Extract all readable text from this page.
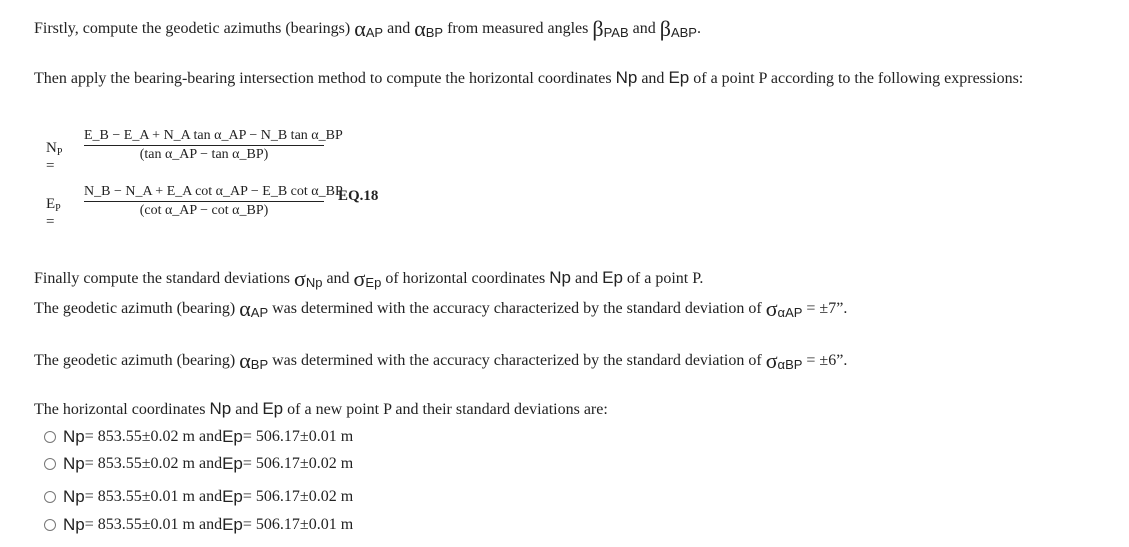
Firstly, compute the geodetic azimuths (bearings) $\alpha_{AP}$ and $\alpha_{BP}$ from measured angles $\beta_{PAB}$ and $\beta_{ABP}$.
Then apply the bearing-bearing intersection method to compute the horizontal coordinates Np and Ep of a point P according to the following expressions:
$N_P$ =
E_B − E_A + N_A tan α_AP − N_B tan α_BP
(tan α_AP − tan α_BP)
$E_P$ =
N_B − N_A + E_A cot α_AP − E_B cot α_BP
(cot α_AP − cot α_BP)
EQ.18
Finally compute the standard deviations $\sigma_{Np}$ and $\sigma_{Ep}$ of horizontal coordinates Np and Ep of a point P.
The geodetic azimuth (bearing) $\alpha_{AP}$ was determined with the accuracy characterized by the standard deviation of $\sigma_{\alpha AP} = \pm 7$”.
The geodetic azimuth (bearing) $\alpha_{BP}$ was determined with the accuracy characterized by the standard deviation of $\sigma_{\alpha BP} = \pm 6$”.
The horizontal coordinates Np and Ep of a new point P and their standard deviations are:
Np = 853.55±0.02 m and Ep = 506.17±0.01 m
Np = 853.55±0.02 m and Ep = 506.17±0.02 m
Np = 853.55±0.01 m and Ep = 506.17±0.02 m
Np = 853.55±0.01 m and Ep = 506.17±0.01 m
